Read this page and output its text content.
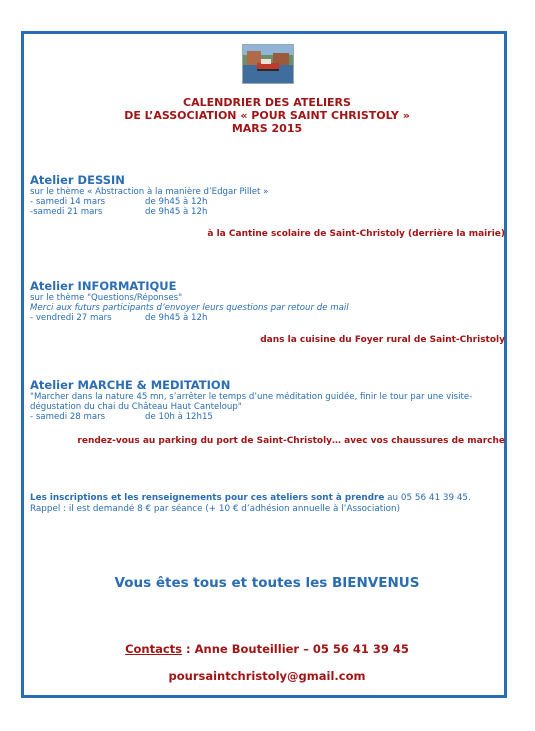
CALENDRIER DES ATELIERS
DE L’ASSOCIATION « POUR SAINT CHRISTOLY »
MARS 2015
Atelier DESSIN
sur le thème « Abstraction à la manière d’Edgar Pillet »
- samedi 14 mars	de 9h45 à 12h
-samedi 21 mars	de 9h45 à 12h
à la Cantine scolaire de Saint-Christoly (derrière la mairie)
Atelier INFORMATIQUE
sur le thème "Questions/Réponses"
Merci aux futurs participants d’envoyer leurs questions par retour de mail
- vendredi 27 mars	de 9h45 à 12h
dans la cuisine du Foyer rural de Saint-Christoly
Atelier MARCHE & MEDITATION
"Marcher dans la nature 45 mn, s’arrêter le temps d’une méditation guidée, finir le tour par une visite-
dégustation du chai du Château Haut Canteloup"
- samedi 28 mars	de 10h à 12h15
rendez-vous au parking du port de Saint-Christoly… avec vos chaussures de marche
Les inscriptions et les renseignements pour ces ateliers sont à prendre au 05 56 41 39 45.
Rappel : il est demandé 8 € par séance (+ 10 € d’adhésion annuelle à l’Association)
Vous êtes tous et toutes les BIENVENUS
Contacts : Anne Bouteillier – 05 56 41 39 45
poursaintchristoly@gmail.com
